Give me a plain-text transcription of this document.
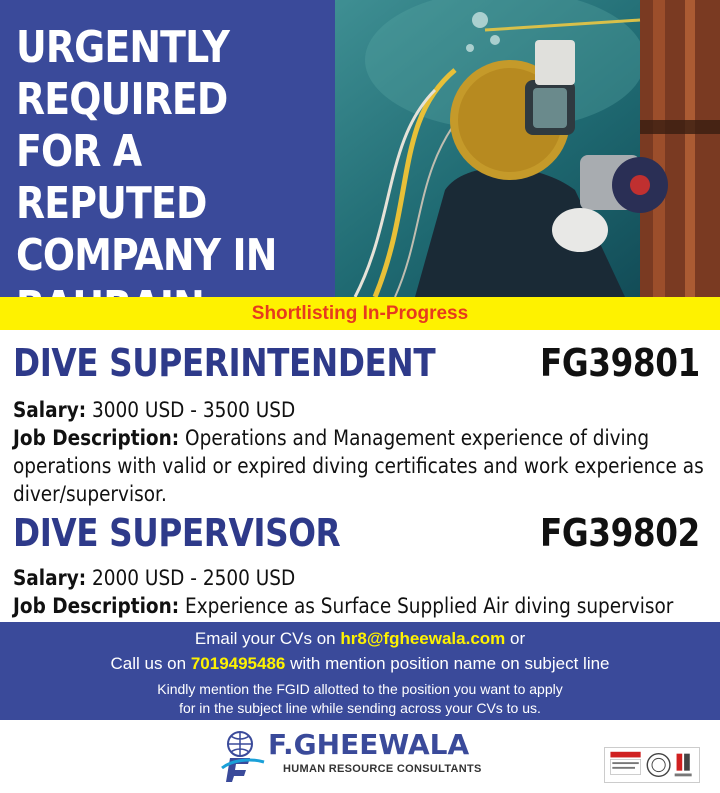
URGENTLY
REQUIRED
FOR A REPUTED
COMPANY IN

Shortlisting In-Progress
DIVE SUPERINTENDENT	FG39801
Salary: 3000 USD - 3500 USD
Job Description: Operations and Management experience of diving
operations with valid or expired diving certificates and work experience as
diver/supervisor.
DIVE SUPERVISOR	FG39802
Salary: 2000 USD - 2500 USD
Job Description: Experience as Surface Supplied Air diving supervisor
Email your CVs on hr8@fgheewala.com or
Call us on 7019495486 with mention position name on subject line
Kindly mention the FGID allotted to the position you want to apply
for in the subject line while sending across your CVs to us.
F.GHEEWALA
HUMAN RESOURCE CONSULTANTS
